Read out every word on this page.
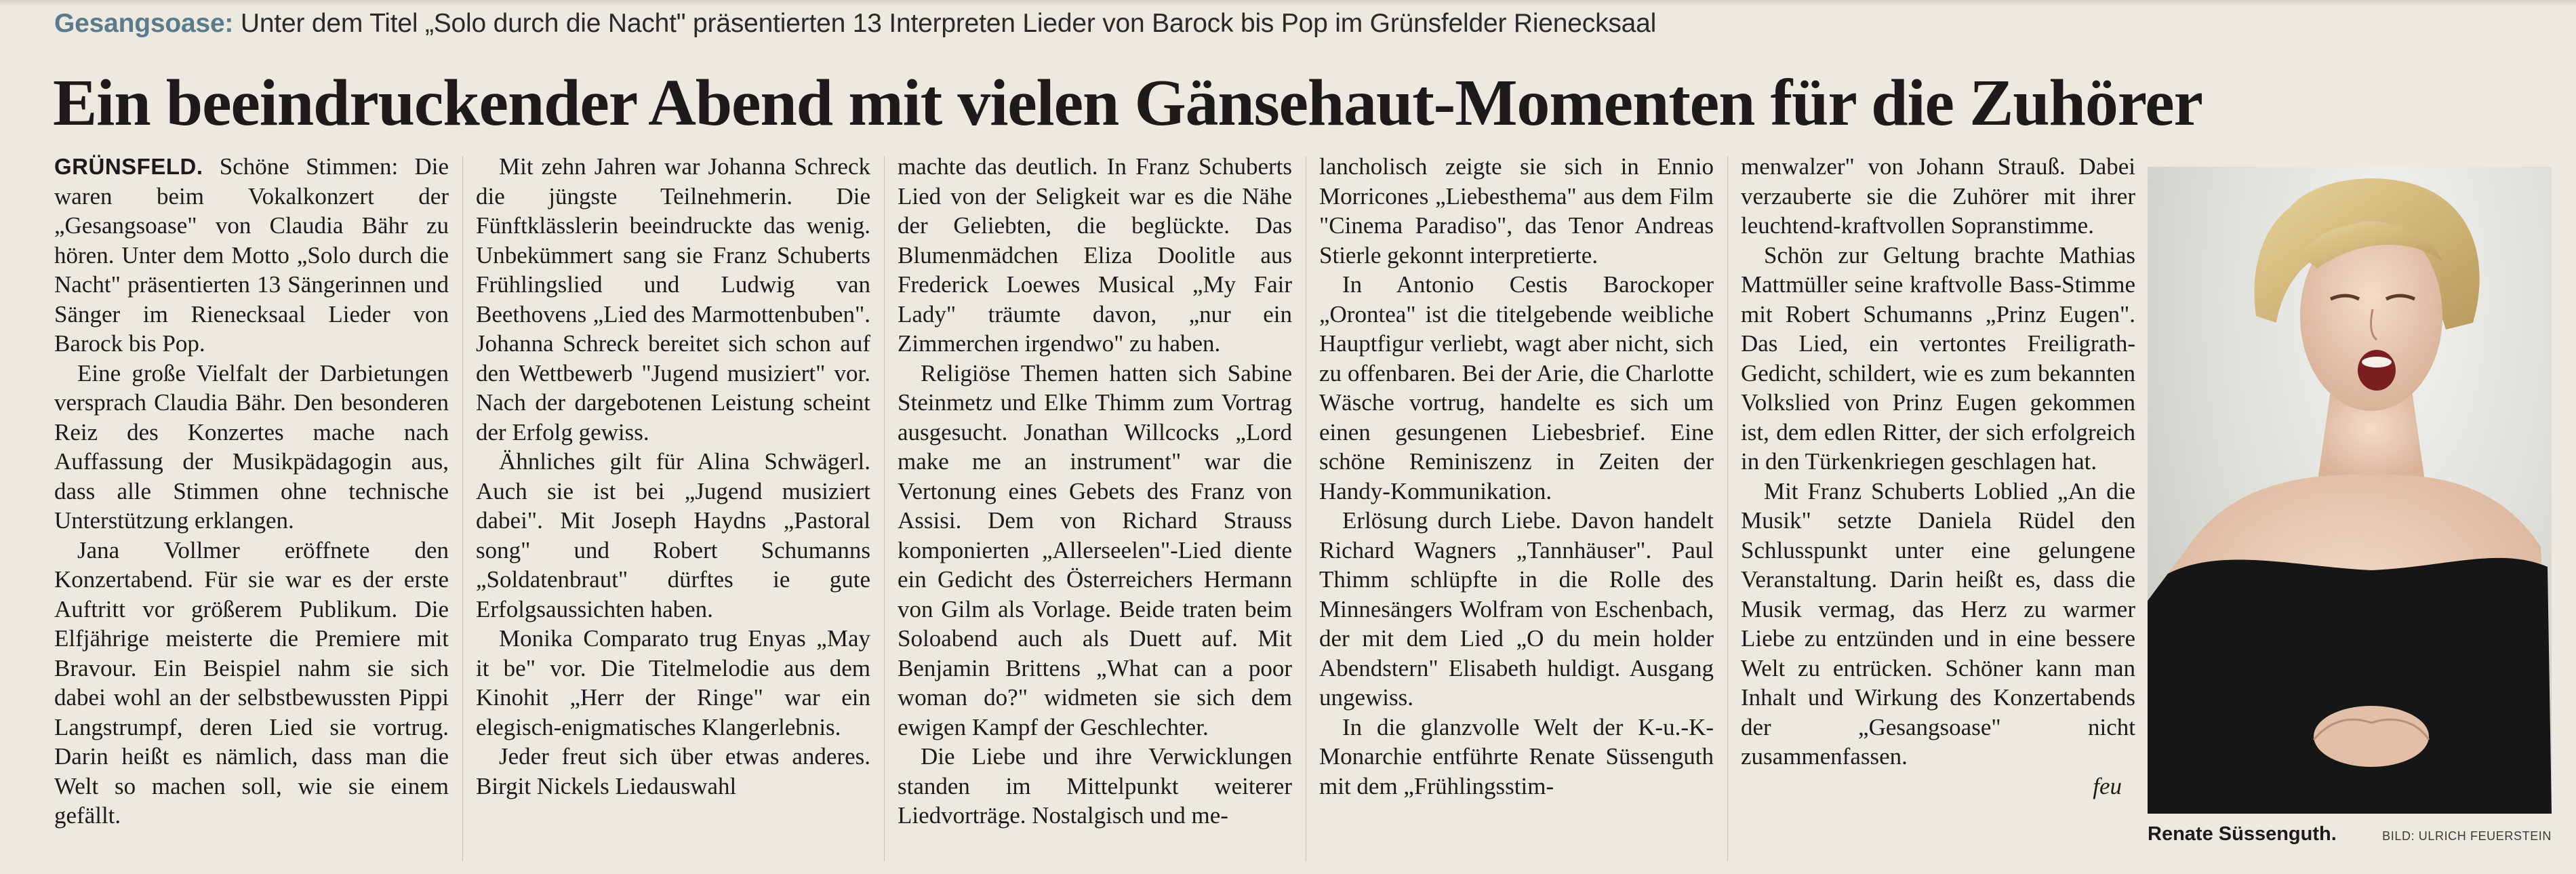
Gesangsoase: Unter dem Titel „Solo durch die Nacht" präsentierten 13 Interpreten Lieder von Barock bis Pop im Grünsfelder Rienecksaal
Ein beeindruckender Abend mit vielen Gänsehaut-Momenten für die Zuhörer

GRÜNSFELD. Schöne Stimmen: Die waren beim Vokalkonzert der „Gesangsoase" von Claudia Bähr zu hören. Unter dem Motto „Solo durch die Nacht" präsentierten 13 Sängerinnen und Sänger im Rienecksaal Lieder von Barock bis Pop.

Eine große Vielfalt der Darbietungen versprach Claudia Bähr. Den besonderen Reiz des Konzertes mache nach Auffassung der Musikpädagogin aus, dass alle Stimmen ohne technische Unterstützung erklangen.

Jana Vollmer eröffnete den Konzertabend. Für sie war es der erste Auftritt vor größerem Publikum. Die Elfjährige meisterte die Premiere mit Bravour. Ein Beispiel nahm sie sich dabei wohl an der selbstbewussten Pippi Langstrumpf, deren Lied sie vortrug. Darin heißt es nämlich, dass man die Welt so machen soll, wie sie einem gefällt.

Mit zehn Jahren war Johanna Schreck die jüngste Teilnehmerin. Die Fünftklässlerin beeindruckte das wenig. Unbekümmert sang sie Franz Schuberts Frühlingslied und Ludwig van Beethovens „Lied des Marmottenbuben". Johanna Schreck bereitet sich schon auf den Wettbewerb "Jugend musiziert" vor. Nach der dargebotenen Leistung scheint der Erfolg gewiss.

Ähnliches gilt für Alina Schwägerl. Auch sie ist bei „Jugend musiziert dabei". Mit Joseph Haydns „Pastoral song" und Robert Schumanns „Soldatenbraut" dürftes ie gute Erfolgsaussichten haben.

Monika Comparato trug Enyas „May it be" vor. Die Titelmelodie aus dem Kinohit „Herr der Ringe" war ein elegisch-enigmatisches Klangerlebnis.

Jeder freut sich über etwas anderes. Birgit Nickels Liedauswahl

machte das deutlich. In Franz Schuberts Lied von der Seligkeit war es die Nähe der Geliebten, die beglückte. Das Blumenmädchen Eliza Doolitle aus Frederick Loewes Musical „My Fair Lady" träumte davon, „nur ein Zimmerchen irgendwo" zu haben.

Religiöse Themen hatten sich Sabine Steinmetz und Elke Thimm zum Vortrag ausgesucht. Jonathan Willcocks „Lord make me an instrument" war die Vertonung eines Gebets des Franz von Assisi. Dem von Richard Strauss komponierten „Allerseelen"-Lied diente ein Gedicht des Österreichers Hermann von Gilm als Vorlage. Beide traten beim Soloabend auch als Duett auf. Mit Benjamin Brittens „What can a poor woman do?" widmeten sie sich dem ewigen Kampf der Geschlechter.

Die Liebe und ihre Verwicklungen standen im Mittelpunkt weiterer Liedvorträge. Nostalgisch und me-

lancholisch zeigte sie sich in Ennio Morricones „Liebesthema" aus dem Film "Cinema Paradiso", das Tenor Andreas Stierle gekonnt interpretierte.

In Antonio Cestis Barockoper „Orontea" ist die titelgebende weibliche Hauptfigur verliebt, wagt aber nicht, sich zu offenbaren. Bei der Arie, die Charlotte Wäsche vortrug, handelte es sich um einen gesungenen Liebesbrief. Eine schöne Reminiszenz in Zeiten der Handy-Kommunikation.

Erlösung durch Liebe. Davon handelt Richard Wagners „Tannhäuser". Paul Thimm schlüpfte in die Rolle des Minnesängers Wolfram von Eschenbach, der mit dem Lied „O du mein holder Abendstern" Elisabeth huldigt. Ausgang ungewiss.

In die glanzvolle Welt der K-u.-K-Monarchie entführte Renate Süssenguth mit dem „Frühlingsstim-

menwalzer" von Johann Strauß. Dabei verzauberte sie die Zuhörer mit ihrer leuchtend-kraftvollen Sopranstimme.

Schön zur Geltung brachte Mathias Mattmüller seine kraftvolle Bass-Stimme mit Robert Schumanns „Prinz Eugen". Das Lied, ein vertontes Freiligrath-Gedicht, schildert, wie es zum bekannten Volkslied von Prinz Eugen gekommen ist, dem edlen Ritter, der sich erfolgreich in den Türkenkriegen geschlagen hat.

Mit Franz Schuberts Loblied „An die Musik" setzte Daniela Rüdel den Schlusspunkt unter eine gelungene Veranstaltung. Darin heißt es, dass die Musik vermag, das Herz zu warmer Liebe zu entzünden und in eine bessere Welt zu entrücken. Schöner kann man Inhalt und Wirkung des Konzertabends der „Gesangsoase" nicht zusammenfassen.

feu

Renate Süssenguth.	BILD: ULRICH FEUERSTEIN
